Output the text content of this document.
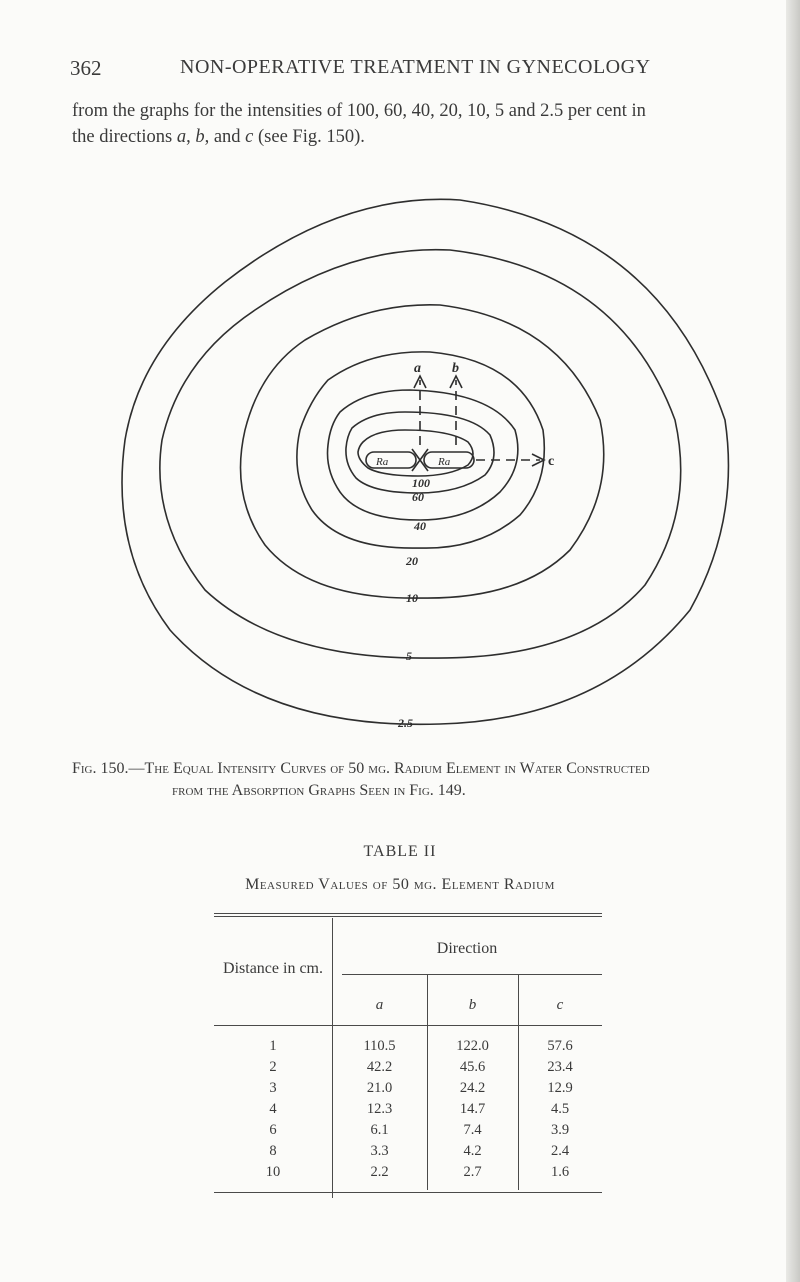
362	NON-OPERATIVE TREATMENT IN GYNECOLOGY
from the graphs for the intensities of 100, 60, 40, 20, 10, 5 and 2.5 per cent in
the directions a, b, and c (see Fig. 150).
Ra	Ra
a b
c
100
60
40
20
10
5
2.5
Fig. 150.—The Equal Intensity Curves of 50 mg. Radium Element in Water Constructed
from the Absorption Graphs Seen in Fig. 149.
TABLE II
Measured Values of 50 mg. Element Radium
Distance in cm.
Direction
a	b	c
1	110.5	122.0	57.6
2	42.2	45.6	23.4
3	21.0	24.2	12.9
4	12.3	14.7	4.5
6	6.1	7.4	3.9
8	3.3	4.2	2.4
10	2.2	2.7	1.6
